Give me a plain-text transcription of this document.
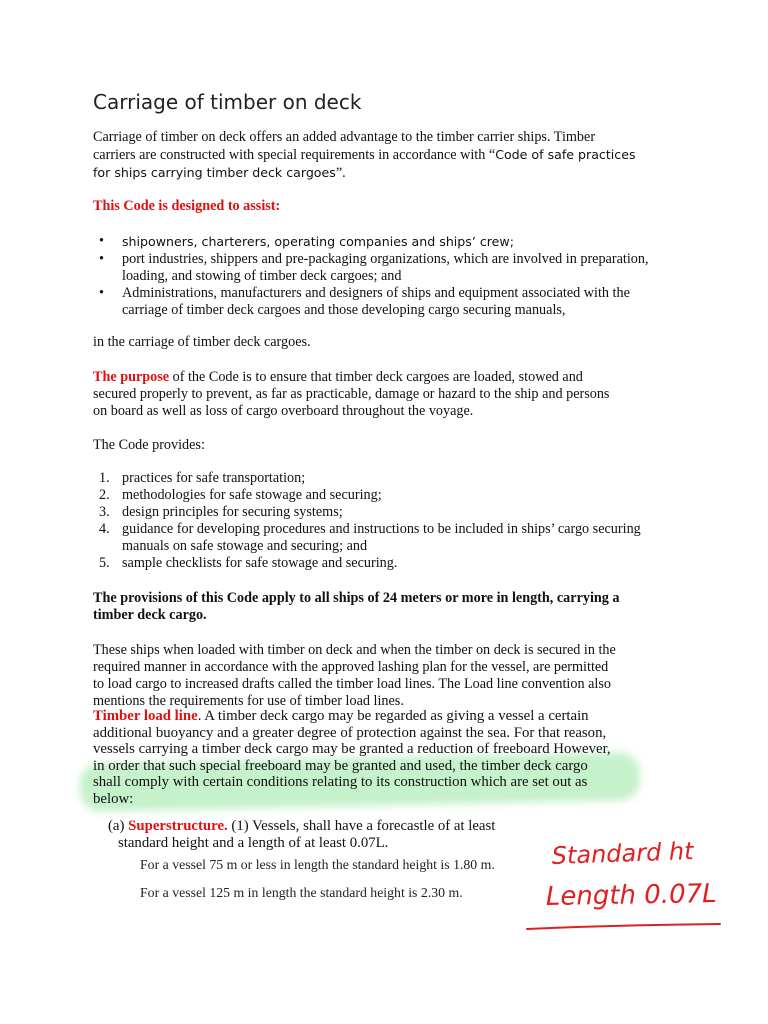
Carriage of timber on deck

Carriage of timber on deck offers an added advantage to the timber carrier ships. Timber
carriers are constructed with special requirements in accordance with “Code of safe practices
for ships carrying timber deck cargoes”.

This Code is designed to assist:

• shipowners, charterers, operating companies and ships’ crew;
• port industries, shippers and pre-packaging organizations, which are involved in preparation, loading, and stowing of timber deck cargoes; and
• Administrations, manufacturers and designers of ships and equipment associated with the carriage of timber deck cargoes and those developing cargo securing manuals,

in the carriage of timber deck cargoes.

The purpose of the Code is to ensure that timber deck cargoes are loaded, stowed and
secured properly to prevent, as far as practicable, damage or hazard to the ship and persons
on board as well as loss of cargo overboard throughout the voyage.

The Code provides:

1. practices for safe transportation;
2. methodologies for safe stowage and securing;
3. design principles for securing systems;
4. guidance for developing procedures and instructions to be included in ships’ cargo securing manuals on safe stowage and securing; and
5. sample checklists for safe stowage and securing.

The provisions of this Code apply to all ships of 24 meters or more in length, carrying a
timber deck cargo.

These ships when loaded with timber on deck and when the timber on deck is secured in the
required manner in accordance with the approved lashing plan for the vessel, are permitted
to load cargo to increased drafts called the timber load lines. The Load line convention also
mentions the requirements for use of timber load lines.

Timber load line. A timber deck cargo may be regarded as giving a vessel a certain
additional buoyancy and a greater degree of protection against the sea. For that reason,
vessels carrying a timber deck cargo may be granted a reduction of freeboard However,
in order that such special freeboard may be granted and used, the timber deck cargo
shall comply with certain conditions relating to its construction which are set out as
below:

(a) Superstructure. (1) Vessels, shall have a forecastle of at least
standard height and a length of at least 0.07L.

For a vessel 75 m or less in length the standard height is 1.80 m.

For a vessel 125 m in length the standard height is 2.30 m.

Standard ht
Length 0.07L
